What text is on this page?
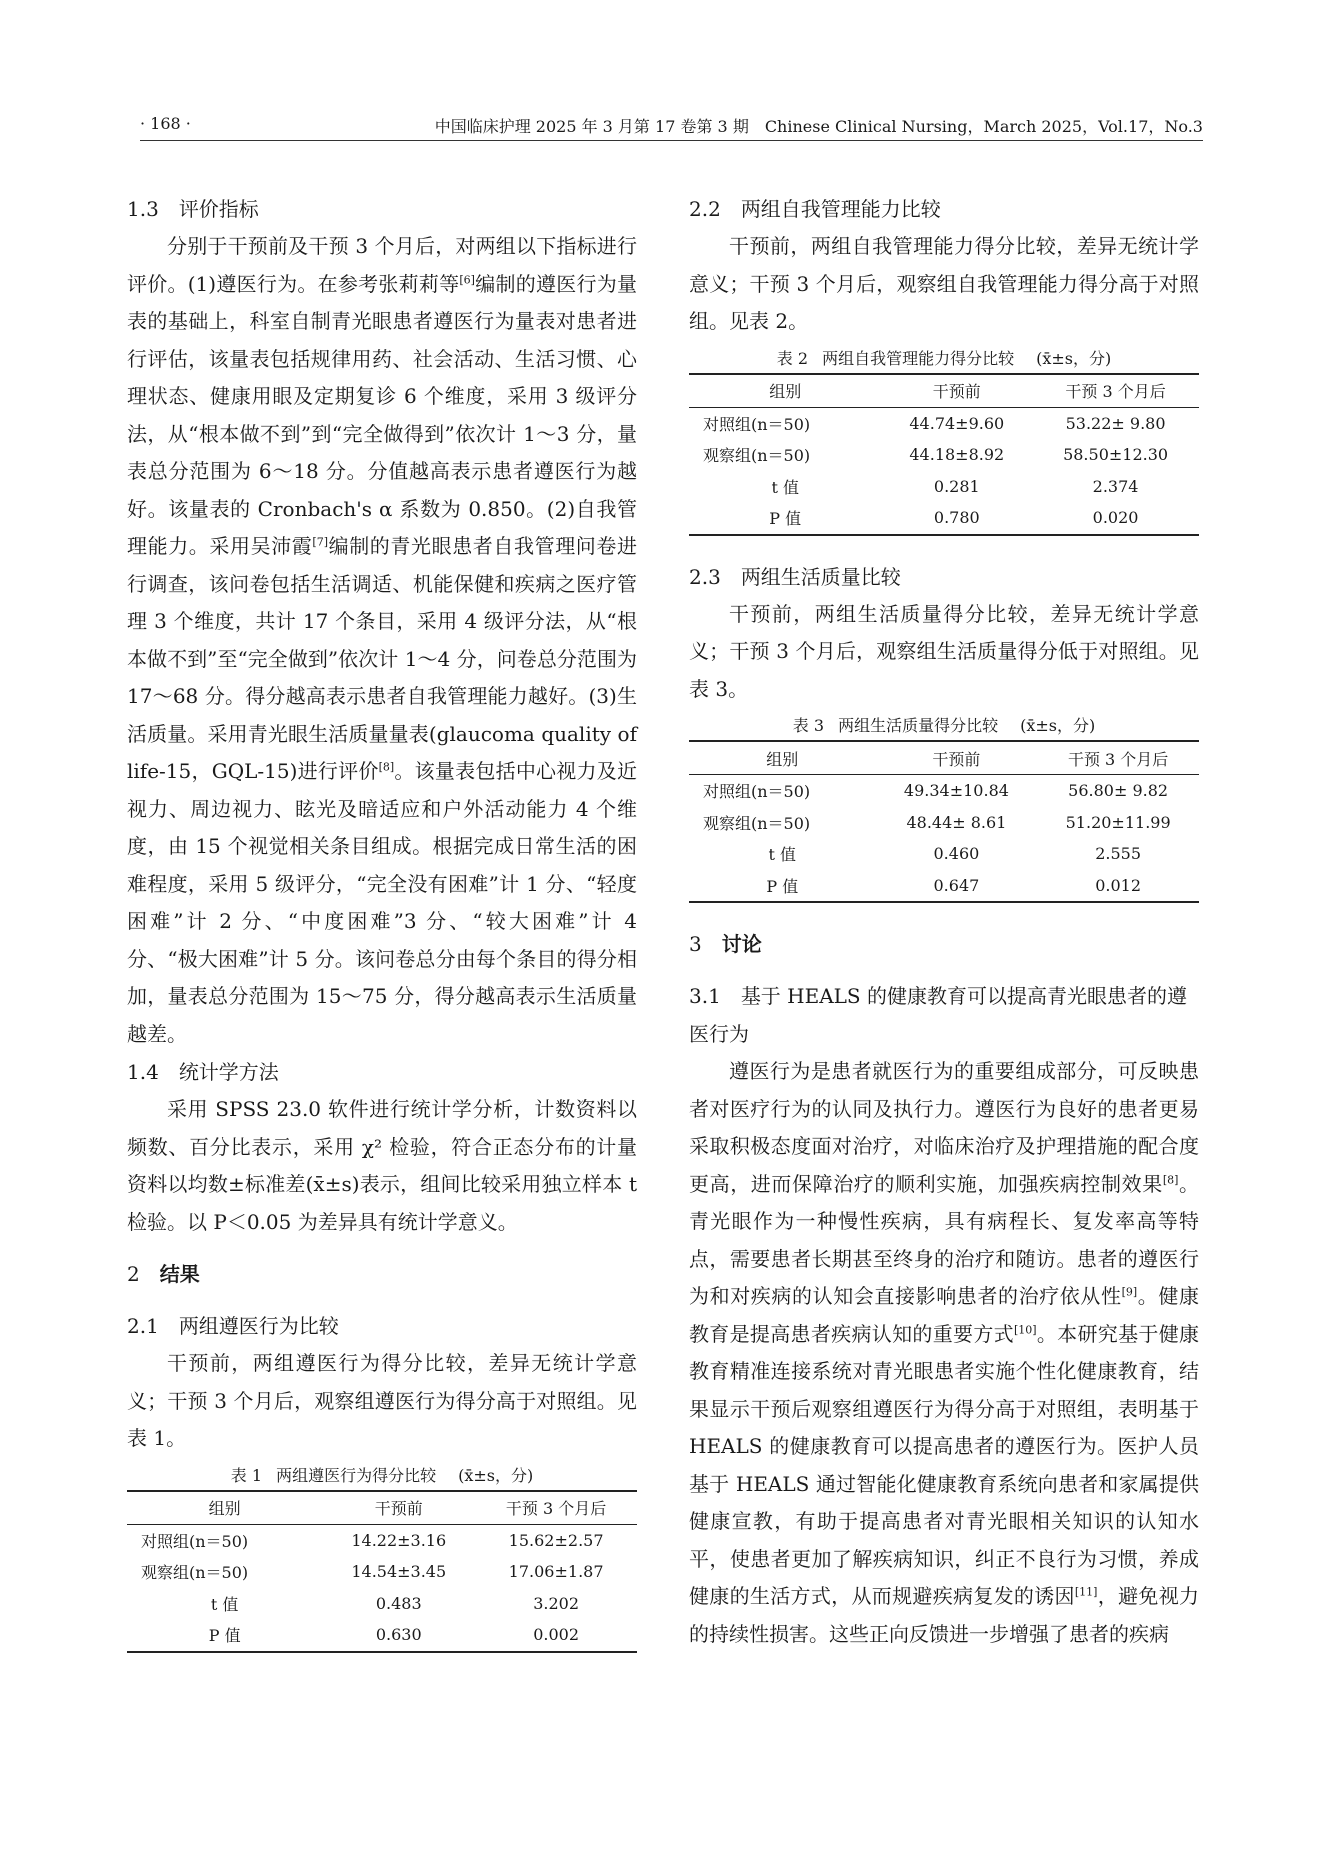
· 168 ·	中国临床护理 2025 年 3 月第 17 卷第 3 期　Chinese Clinical Nursing，March 2025，Vol.17，No.3
1.3 评价指标

分别于干预前及干预 3 个月后，对两组以下指标进行评价。(1)遵医行为。在参考张莉莉等[6]编制的遵医行为量表的基础上，科室自制青光眼患者遵医行为量表对患者进行评估，该量表包括规律用药、社会活动、生活习惯、心理状态、健康用眼及定期复诊 6 个维度，采用 3 级评分法，从“根本做不到”到“完全做得到”依次计 1～3 分，量表总分范围为 6～18 分。分值越高表示患者遵医行为越好。该量表的 Cronbach's α 系数为 0.850。(2)自我管理能力。采用吴沛霞[7]编制的青光眼患者自我管理问卷进行调查，该问卷包括生活调适、机能保健和疾病之医疗管理 3 个维度，共计 17 个条目，采用 4 级评分法，从“根本做不到”至“完全做到”依次计 1～4 分，问卷总分范围为 17～68 分。得分越高表示患者自我管理能力越好。(3)生活质量。采用青光眼生活质量量表(glaucoma quality of life-15，GQL-15)进行评价[8]。该量表包括中心视力及近视力、周边视力、眩光及暗适应和户外活动能力 4 个维度，由 15 个视觉相关条目组成。根据完成日常生活的困难程度，采用 5 级评分，“完全没有困难”计 1 分、“轻度困难”计 2 分、“中度困难”3 分、“较大困难”计 4 分、“极大困难”计 5 分。该问卷总分由每个条目的得分相加，量表总分范围为 15～75 分，得分越高表示生活质量越差。

1.4 统计学方法

采用 SPSS 23.0 软件进行统计学分析，计数资料以频数、百分比表示，采用 χ² 检验，符合正态分布的计量资料以均数±标准差(x̄±s)表示，组间比较采用独立样本 t 检验。以 P＜0.05 为差异具有统计学意义。

2 结果
2.1 两组遵医行为比较

干预前，两组遵医行为得分比较，差异无统计学意义；干预 3 个月后，观察组遵医行为得分高于对照组。见表 1。

表 1 两组遵医行为得分比较 (x̄±s，分)
组别	干预前	干预 3 个月后
对照组(n＝50)	14.22±3.16	15.62±2.57
观察组(n＝50)	14.54±3.45	17.06±1.87
t 值	0.483	3.202
P 值	0.630	0.002
2.2 两组自我管理能力比较

干预前，两组自我管理能力得分比较，差异无统计学意义；干预 3 个月后，观察组自我管理能力得分高于对照组。见表 2。

表 2 两组自我管理能力得分比较 (x̄±s，分)
组别	干预前	干预 3 个月后
对照组(n＝50)	44.74±9.60	53.22± 9.80
观察组(n＝50)	44.18±8.92	58.50±12.30
t 值	0.281	2.374
P 值	0.780	0.020
2.3 两组生活质量比较

干预前，两组生活质量得分比较，差异无统计学意义；干预 3 个月后，观察组生活质量得分低于对照组。见表 3。

表 3 两组生活质量得分比较 (x̄±s，分)
组别	干预前	干预 3 个月后
对照组(n＝50)	49.34±10.84	56.80± 9.82
观察组(n＝50)	48.44± 8.61	51.20±11.99
t 值	0.460	2.555
P 值	0.647	0.012
3 讨论
3.1 基于 HEALS 的健康教育可以提高青光眼患者的遵医行为

遵医行为是患者就医行为的重要组成部分，可反映患者对医疗行为的认同及执行力。遵医行为良好的患者更易采取积极态度面对治疗，对临床治疗及护理措施的配合度更高，进而保障治疗的顺利实施，加强疾病控制效果[8]。青光眼作为一种慢性疾病，具有病程长、复发率高等特点，需要患者长期甚至终身的治疗和随访。患者的遵医行为和对疾病的认知会直接影响患者的治疗依从性[9]。健康教育是提高患者疾病认知的重要方式[10]。本研究基于健康教育精准连接系统对青光眼患者实施个性化健康教育，结果显示干预后观察组遵医行为得分高于对照组，表明基于 HEALS 的健康教育可以提高患者的遵医行为。医护人员基于 HEALS 通过智能化健康教育系统向患者和家属提供健康宣教，有助于提高患者对青光眼相关知识的认知水平，使患者更加了解疾病知识，纠正不良行为习惯，养成健康的生活方式，从而规避疾病复发的诱因[11]，避免视力的持续性损害。这些正向反馈进一步增强了患者的疾病
